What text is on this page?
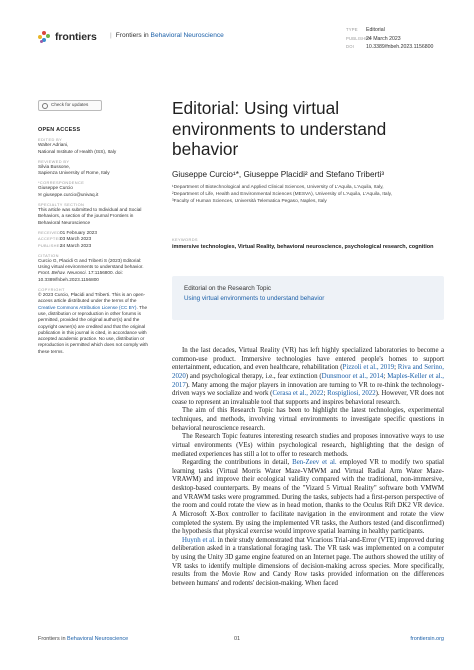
frontiers | Frontiers in Behavioral Neuroscience
TYPE Editorial
PUBLISHED24 March 2023
DOI 10.3389/fnbeh.2023.1156800
Check for updates
OPEN ACCESS
EDITED BY
Walter Adriani,
National Institute of Health (ISS), Italy
REVIEWED BY
Silvia Bussone,
Sapienza University of Rome, Italy
*CORRESPONDENCE
Giuseppe Curcio
✉ giuseppe.curcio@univaq.it
SPECIALTY SECTION
This article was submitted to Individual and Social Behaviors, a section of the journal Frontiers in Behavioral Neuroscience
RECEIVED 01 February 2023
ACCEPTED
03 March 2023
PUBLISHED
24 March 2023
CITATION
Curcio G, Placidi G and Triberti S (2023) Editorial: Using virtual environments to understand behavior. Front. Behav. Neurosci. 17:1156800. doi: 10.3389/fnbeh.2023.1156800
COPYRIGHT
© 2023 Curcio, Placidi and Triberti. This is an open-access article distributed under the terms of the Creative Commons Attribution License (CC BY). The use, distribution or reproduction in other forums is permitted, provided the original author(s) and the copyright owner(s) are credited and that the original publication in this journal is cited, in accordance with accepted academic practice. No use, distribution or reproduction is permitted which does not comply with these terms.
Editorial: Using virtual environments to understand behavior
Giuseppe Curcio¹*, Giuseppe Placidi² and Stefano Triberti³
¹Department of Biotechnological and Applied Clinical Sciences, University of L'Aquila, L'Aquila, Italy,
²Department of Life, Health and Environmental Sciences (MESVA), University of L'Aquila, L'Aquila, Italy,
³Faculty of Human Sciences, Università Telematica Pegaso, Naples, Italy
KEYWORDS
immersive technologies, Virtual Reality, behavioral neuroscience, psychological research, cognition
Editorial on the Research Topic
Using virtual environments to understand behavior

In the last decades, Virtual Reality (VR) has left highly specialized laboratories to become a common-use product. Immersive technologies have entered people's homes to support entertainment, education, and even healthcare, rehabilitation (Pizzoli et al., 2019; Riva and Serino, 2020) and psychological therapy, i.e., fear extinction (Dunsmoor et al., 2014; Maples-Keller et al., 2017). Many among the major players in innovation are turning to VR to re-think the technology-driven ways we socialize and work (Cerasa et al., 2022; Rospigliosi, 2022). However, VR does not cease to represent an invaluable tool that supports and inspires behavioral research.

The aim of this Research Topic has been to highlight the latest technologies, experimental techniques, and methods, involving virtual environments to investigate specific questions in behavioral neuroscience research.

The Research Topic features interesting research studies and proposes innovative ways to use virtual environments (VEs) within psychological research, highlighting that the design of mediated experiences has still a lot to offer to research methods.

Regarding the contributions in detail, Ben-Zeev et al. employed VR to modify two spatial learning tasks (Virtual Morris Water Maze-VMWM and Virtual Radial Arm Water Maze-VRAWM) and improve their ecological validity compared with the traditional, non-immersive, desktop-based counterparts. By means of the "Vizard 5 Virtual Reality" software both VMWM and VRAWM tasks were programmed. During the tasks, subjects had a first-person perspective of the room and could rotate the view as in head motion, thanks to the Oculus Rift DK2 VR device. A Microsoft X-Box controller to facilitate navigation in the environment and rotate the view completed the system. By using the implemented VR tasks, the Authors tested (and disconfirmed) the hypothesis that physical exercise would improve spatial learning in healthy participants.

Huynh et al. in their study demonstrated that Vicarious Trial-and-Error (VTE) improved during deliberation asked in a translational foraging task. The VR task was implemented on a computer by using the Unity 3D game engine featured on an Internet page. The authors showed the utility of VR tasks to identify multiple dimensions of decision-making across species. More specifically, results from the Movie Row and Candy Row tasks provided information on the differences between humans' and rodents' decision-making. When faced

Frontiers in Behavioral Neuroscience	01	frontiersin.org
